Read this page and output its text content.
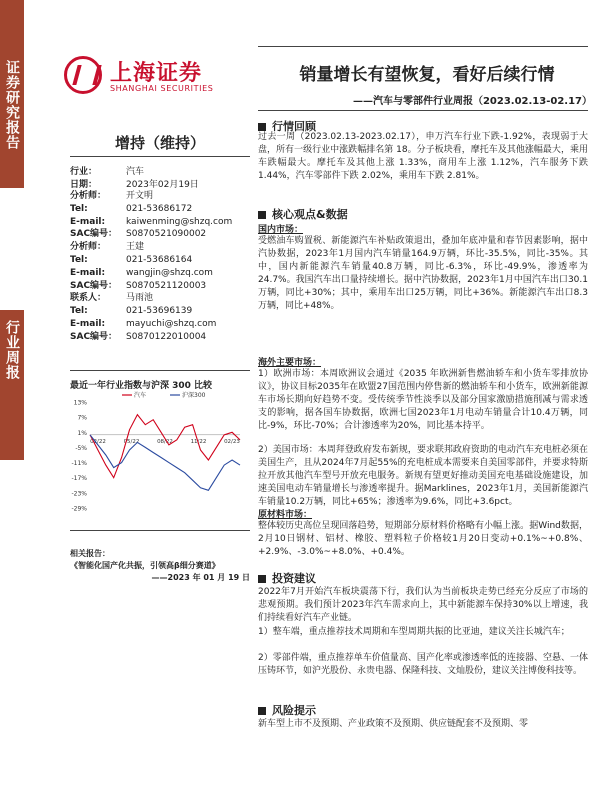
证券研究报告
行业周报
上海证券
SHANGHAI SECURITIES
销量增长有望恢复，看好后续行情
——汽车与零部件行业周报（2023.02.13-02.17）
增持（维持）
行业：	汽车
日期：	2023年02月19日
分析师： 开文明
Tel:	021-53686172
E-mail: kaiwenming@shzq.com
SAC编号： S0870521090002
分析师： 王建
Tel:	021-53686164
E-mail: wangjin@shzq.com
SAC编号： S0870521120003
联系人： 马雨池
Tel:	021-53696139
E-mail: mayuchi@shzq.com
SAC编号： S0870122010004
最近一年行业指数与沪深 300 比较
13%
7%
1%
-5%
-11%
-17%
-23%
-29%
02/22	05/22	08/22	11/22	02/23
汽车	沪深300
相关报告：
《智能化国产化共振，引领高β细分赛道》
——2023 年 01 月 19 日
行情回顾
过去一周（2023.02.13-2023.02.17），申万汽车行业下跌-1.92%，表现弱于大盘，所有一级行业中涨跌幅排名第 18。分子板块看，摩托车及其他涨幅最大，乘用车跌幅最大。摩托车及其他上涨 1.33%，商用车上涨 1.12%，汽车服务下跌 1.44%，汽车零部件下跌 2.02%，乘用车下跌 2.81%。
核心观点&数据
国内市场：
受燃油车购置税、新能源汽车补贴政策退出，叠加年底冲量和春节因素影响，据中汽协数据，2023年1月国内汽车销量164.9万辆，环比-35.5%，同比-35%。其中，国内新能源汽车销量40.8万辆，同比-6.3%，环比-49.9%，渗透率为24.7%。我国汽车出口量持续增长。据中汽协数据，2023年1月中国汽车出口30.1万辆，同比+30%；其中，乘用车出口25万辆，同比+36%。新能源汽车出口8.3万辆，同比+48%。
海外主要市场：
1）欧洲市场：本周欧洲议会通过《2035 年欧洲新售燃油轿车和小货车零排放协议》，协议目标2035年在欧盟27国范围内停售新的燃油轿车和小货车，欧洲新能源车市场长期向好趋势不变。受传统季节性淡季以及部分国家激励措施削减与需求透支的影响，据各国车协数据，欧洲七国2023年1月电动车销量合计10.4万辆，同比-9%，环比-70%；合计渗透率为20%，同比基本持平。
2）美国市场：本周拜登政府发布新规，要求联邦政府资助的电动汽车充电桩必须在美国生产，且从2024年7月起55%的充电桩成本需要来自美国零部件，并要求特斯拉开放其他汽车型号开放充电服务。新规有望更好推动美国充电基础设施建设，加速美国电动车销量增长与渗透率提升。据Marklines，2023年1月，美国新能源汽车销量10.2万辆，同比+65%；渗透率为9.6%，同比+3.6pct。
原材料市场：
整体较历史高位呈现回落趋势，短期部分原材料价格略有小幅上涨。据Wind数据，2月10日钢材、铝材、橡胶、塑料粒子价格较1月20日变动+0.1%~+0.8%、+2.9%、-3.0%~+8.0%、+0.4%。
投资建议
2022年7月开始汽车板块震荡下行，我们认为当前板块走势已经充分反应了市场的悲观预期。我们预计2023年汽车需求向上，其中新能源车保持30%以上增速，我们持续看好汽车产业链。
1）整车端，重点推荐技术周期和车型周期共振的比亚迪，建议关注长城汽车；
2）零部件端，重点推荐单车价值量高、国产化率或渗透率低的连接器、空悬、一体压铸环节，如沪光股份、永贵电器、保隆科技、文灿股份，建议关注博俊科技等。
风险提示
新车型上市不及预期、产业政策不及预期、供应链配套不及预期、零
